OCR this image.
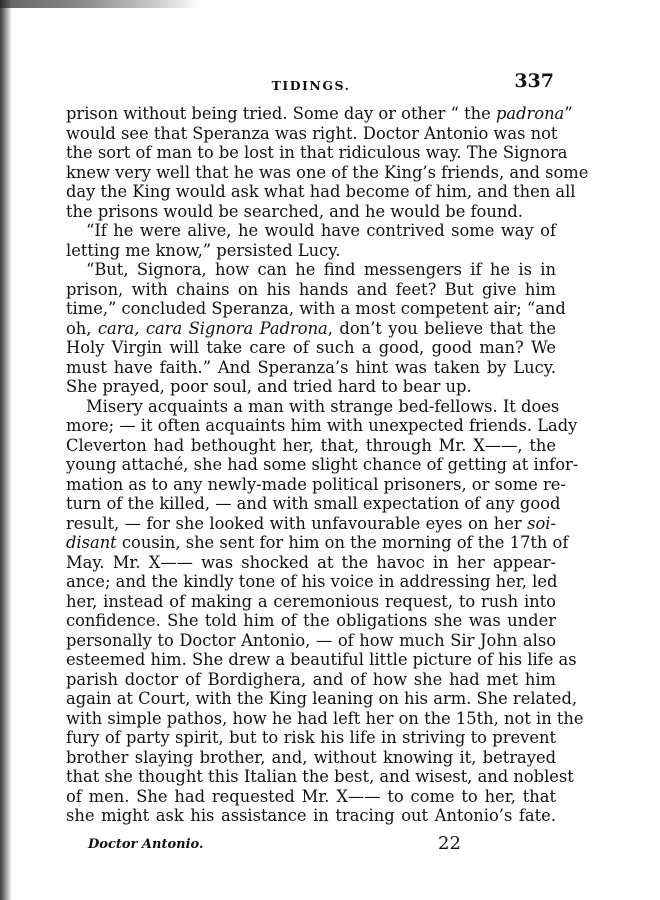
TIDINGS.	337
prison without being tried. Some day or other “ the padrona”
would see that Speranza was right. Doctor Antonio was not
the sort of man to be lost in that ridiculous way. The Signora
knew very well that he was one of the King’s friends, and some
day the King would ask what had become of him, and then all
the prisons would be searched, and he would be found.
“If he were alive, he would have contrived some way of
letting me know,” persisted Lucy.
“But, Signora, how can he find messengers if he is in
prison, with chains on his hands and feet? But give him
time,” concluded Speranza, with a most competent air; “and
oh, cara, cara Signora Padrona, don’t you believe that the
Holy Virgin will take care of such a good, good man? We
must have faith.” And Speranza’s hint was taken by Lucy.
She prayed, poor soul, and tried hard to bear up.
Misery acquaints a man with strange bed-fellows. It does
more; — it often acquaints him with unexpected friends. Lady
Cleverton had bethought her, that, through Mr. X——, the
young attaché, she had some slight chance of getting at infor-
mation as to any newly-made political prisoners, or some re-
turn of the killed, — and with small expectation of any good
result, — for she looked with unfavourable eyes on her soi-
disant cousin, she sent for him on the morning of the 17th of
May. Mr. X—— was shocked at the havoc in her appear-
ance; and the kindly tone of his voice in addressing her, led
her, instead of making a ceremonious request, to rush into
confidence. She told him of the obligations she was under
personally to Doctor Antonio, — of how much Sir John also
esteemed him. She drew a beautiful little picture of his life as
parish doctor of Bordighera, and of how she had met him
again at Court, with the King leaning on his arm. She related,
with simple pathos, how he had left her on the 15th, not in the
fury of party spirit, but to risk his life in striving to prevent
brother slaying brother, and, without knowing it, betrayed
that she thought this Italian the best, and wisest, and noblest
of men. She had requested Mr. X—— to come to her, that
she might ask his assistance in tracing out Antonio’s fate.
Doctor Antonio.	22
